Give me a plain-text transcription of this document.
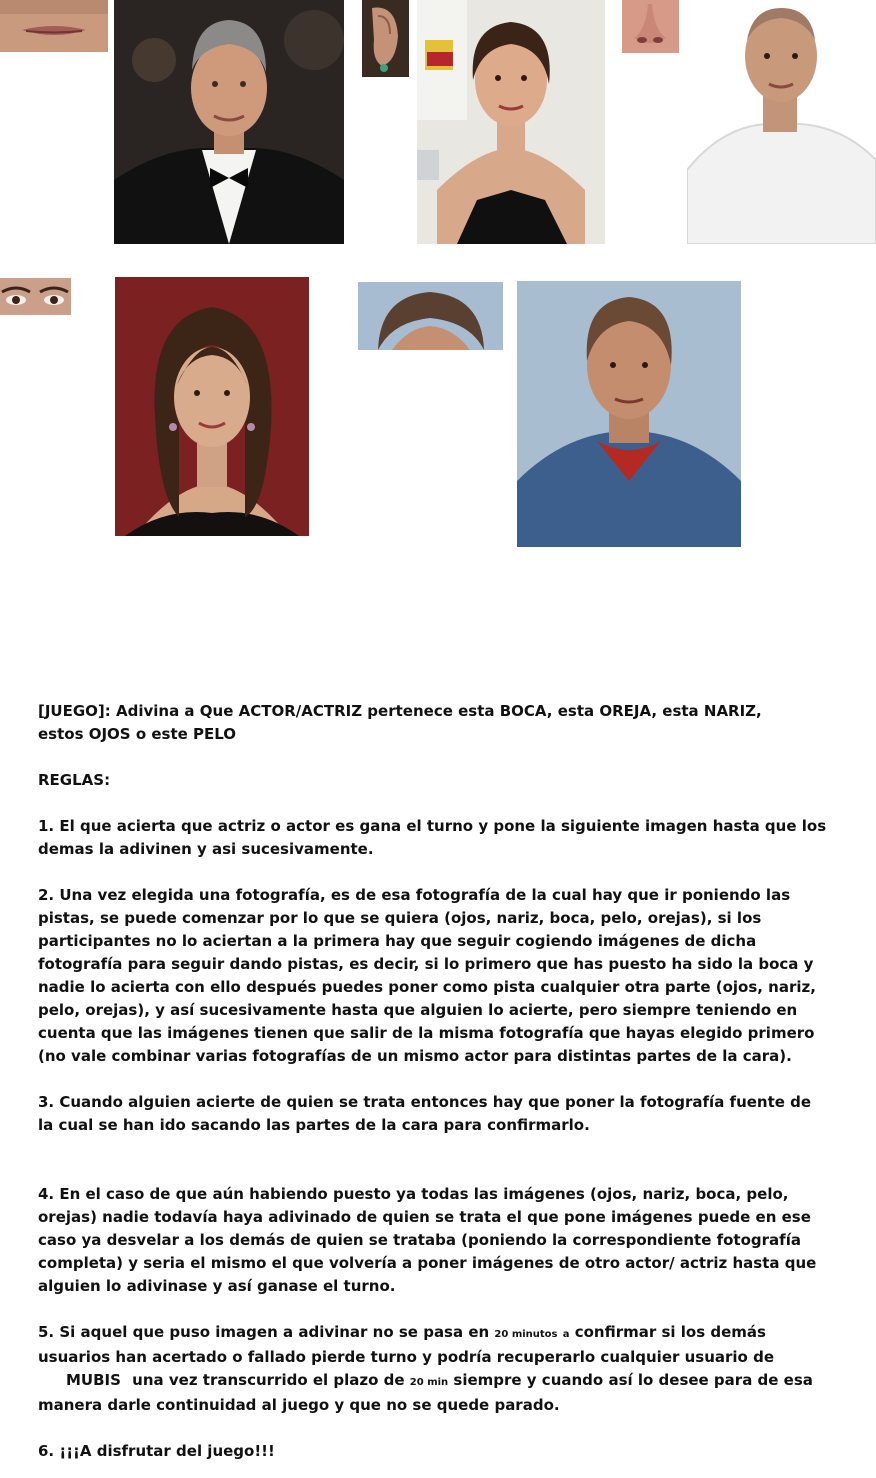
[JUEGO]: Adivina a Que ACTOR/ACTRIZ pertenece esta BOCA, esta OREJA, esta NARIZ,

estos OJOS o este PELO

REGLAS:

1. El que acierta que actriz o actor es gana el turno y pone la siguiente imagen hasta que los demas la adivinen y asi sucesivamente.

2. Una vez elegida una fotografía, es de esa fotografía de la cual hay que ir poniendo las pistas, se puede comenzar por lo que se quiera (ojos, nariz, boca, pelo, orejas), si los participantes no lo aciertan a la primera hay que seguir cogiendo imágenes de dicha fotografía para seguir dando pistas, es decir, si lo primero que has puesto ha sido la boca y nadie lo acierta con ello después puedes poner como pista cualquier otra parte (ojos, nariz, pelo, orejas), y así sucesivamente hasta que alguien lo acierte, pero siempre teniendo en cuenta que las imágenes tienen que salir de la misma fotografía que hayas elegido primero (no vale combinar varias fotografías de un mismo actor para distintas partes de la cara).

3. Cuando alguien acierte de quien se trata entonces hay que poner la fotografía fuente de la cual se han ido sacando las partes de la cara para confirmarlo.

4. En el caso de que aún habiendo puesto ya todas las imágenes (ojos, nariz, boca, pelo, orejas) nadie todavía haya adivinado de quien se trata el que pone imágenes puede en ese caso ya desvelar a los demás de quien se trataba (poniendo la correspondiente fotografía completa) y seria el mismo el que volvería a poner imágenes de otro actor/ actriz hasta que alguien lo adivinase y así ganase el turno.

5. Si aquel que puso imagen a adivinar no se pasa en 20 minutos a confirmar si los demás usuarios han acertado o fallado pierde turno y podría recuperarlo cualquier usuario de MUBIS una vez transcurrido el plazo de 20 min siempre y cuando así lo desee para de esa manera darle continuidad al juego y que no se quede parado.

6. ¡¡¡A disfrutar del juego!!!
